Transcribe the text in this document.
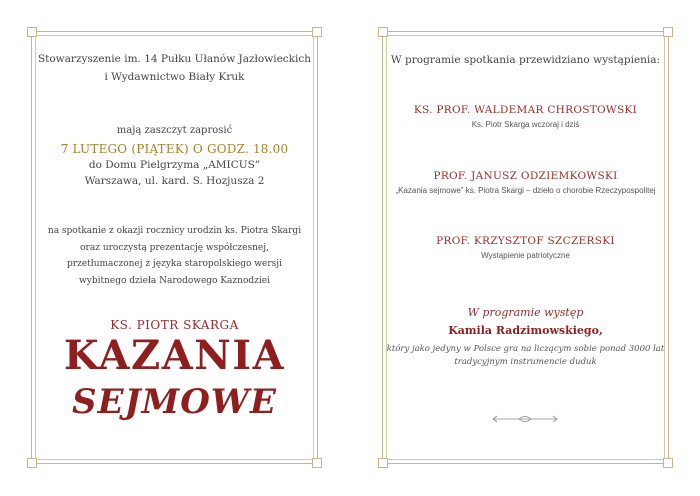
Stowarzyszenie im. 14 Pułku Ułanów Jazłowieckich
i Wydawnictwo Biały Kruk
mają zaszczyt zaprosić
7 LUTEGO (PIĄTEK) O GODZ. 18.00
do Domu Pielgrzyma „AMICUS”
Warszawa, ul. kard. S. Hozjusza 2
na spotkanie z okazji rocznicy urodzin ks. Piotra Skargi
oraz uroczystą prezentację współczesnej,
przetłumaczonej z języka staropolskiego wersji
wybitnego dzieła Narodowego Kaznodziei
KS. PIOTR SKARGA
KAZANIA
SEJMOWE
W programie spotkania przewidziano wystąpienia:
KS. PROF. WALDEMAR CHROSTOWSKI
Ks. Piotr Skarga wczoraj i dziś
PROF. JANUSZ ODZIEMKOWSKI
„Kazania sejmowe” ks. Piotra Skargi – dzieło o chorobie Rzeczypospolitej
PROF. KRZYSZTOF SZCZERSKI
Wystąpienie patriotyczne
W programie występ
Kamila Radzimowskiego,
który jako jedyny w Polsce gra na liczącym sobie ponad 3000 lat
tradycyjnym instrumencie duduk
